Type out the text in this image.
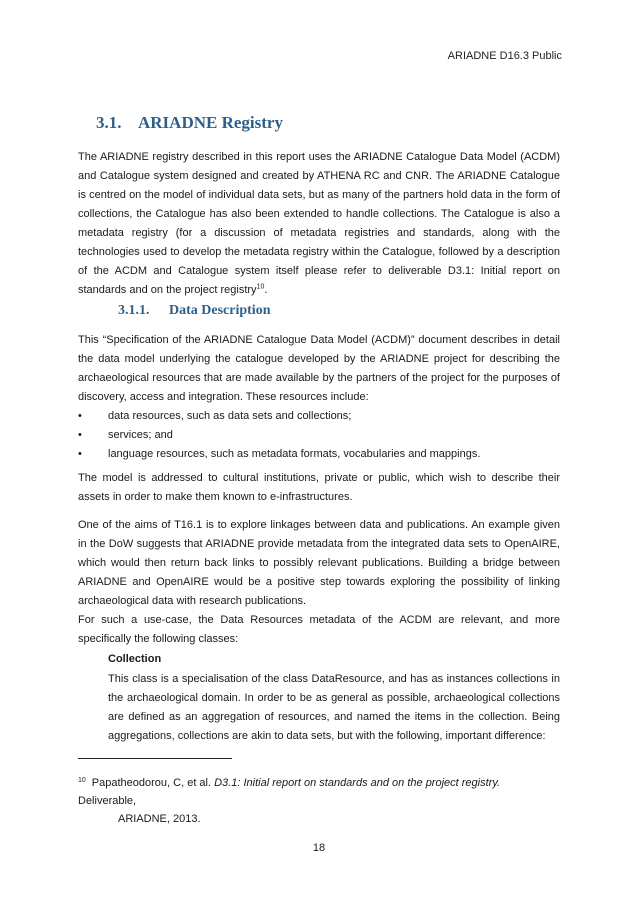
ARIADNE D16.3 Public
3.1. ARIADNE Registry

The ARIADNE registry described in this report uses the ARIADNE Catalogue Data Model (ACDM) and Catalogue system designed and created by ATHENA RC and CNR. The ARIADNE Catalogue is centred on the model of individual data sets, but as many of the partners hold data in the form of collections, the Catalogue has also been extended to handle collections. The Catalogue is also a metadata registry (for a discussion of metadata registries and standards, along with the technologies used to develop the metadata registry within the Catalogue, followed by a description of the ACDM and Catalogue system itself please refer to deliverable D3.1: Initial report on standards and on the project registry$^{10}$.

3.1.1. Data Description

This “Specification of the ARIADNE Catalogue Data Model (ACDM)” document describes in detail the data model underlying the catalogue developed by the ARIADNE project for describing the archaeological resources that are made available by the partners of the project for the purposes of discovery, access and integration. These resources include:

• data resources, such as data sets and collections;
• services; and
• language resources, such as metadata formats, vocabularies and mappings.

The model is addressed to cultural institutions, private or public, which wish to describe their assets in order to make them known to e-infrastructures.

One of the aims of T16.1 is to explore linkages between data and publications. An example given in the DoW suggests that ARIADNE provide metadata from the integrated data sets to OpenAIRE, which would then return back links to possibly relevant publications. Building a bridge between ARIADNE and OpenAIRE would be a positive step towards exploring the possibility of linking archaeological data with research publications.

For such a use-case, the Data Resources metadata of the ACDM are relevant, and more specifically the following classes:

Collection

This class is a specialisation of the class DataResource, and has as instances collections in the archaeological domain. In order to be as general as possible, archaeological collections are defined as an aggregation of resources, and named the items in the collection. Being aggregations, collections are akin to data sets, but with the following, important difference:

$^{10}$ Papatheodorou, C, et al. D3.1: Initial report on standards and on the project registry. Deliverable,
ARIADNE, 2013.

18
